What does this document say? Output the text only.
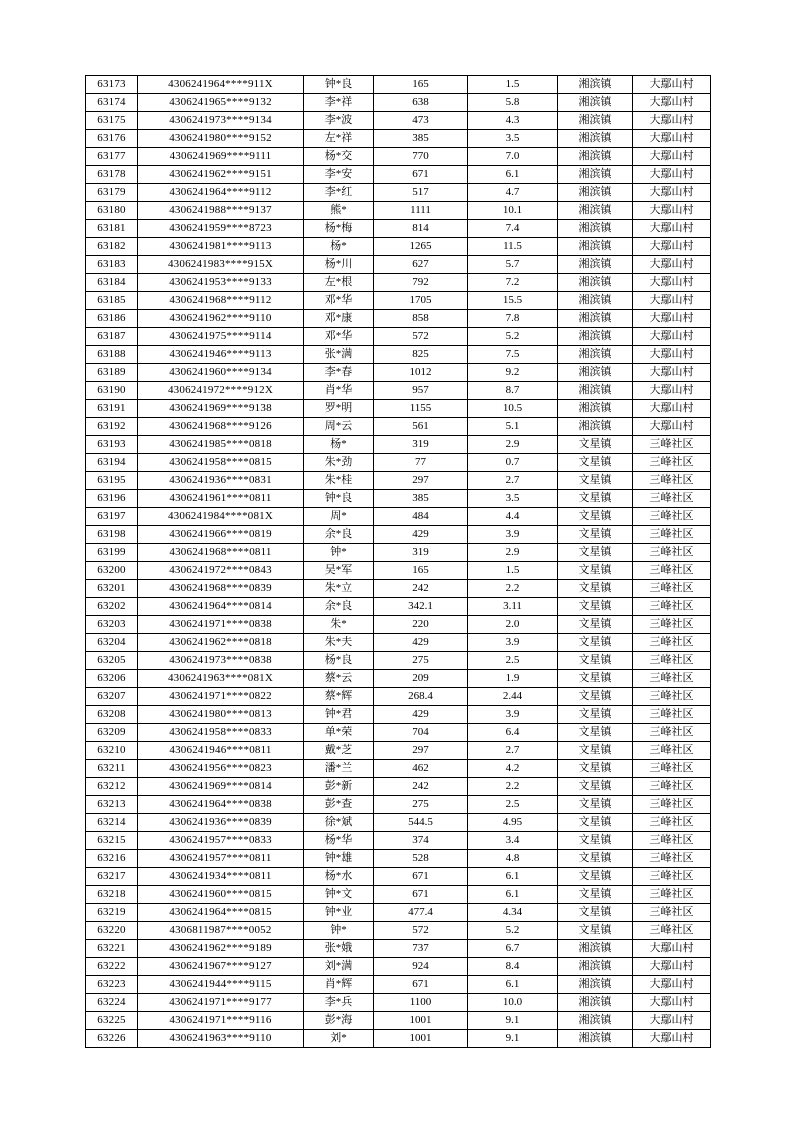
63173	4306241964****911X	钟*良	165	1.5	湘滨镇	大鄢山村
63174	4306241965****9132	李*祥	638	5.8	湘滨镇	大鄢山村
63175	4306241973****9134	李*波	473	4.3	湘滨镇	大鄢山村
63176	4306241980****9152	左*祥	385	3.5	湘滨镇	大鄢山村
63177	4306241969****9111	杨*交	770	7.0	湘滨镇	大鄢山村
63178	4306241962****9151	李*安	671	6.1	湘滨镇	大鄢山村
63179	4306241964****9112	李*红	517	4.7	湘滨镇	大鄢山村
63180	4306241988****9137	熊*	1111	10.1	湘滨镇	大鄢山村
63181	4306241959****8723	杨*梅	814	7.4	湘滨镇	大鄢山村
63182	4306241981****9113	杨*	1265	11.5	湘滨镇	大鄢山村
63183	4306241983****915X	杨*川	627	5.7	湘滨镇	大鄢山村
63184	4306241953****9133	左*根	792	7.2	湘滨镇	大鄢山村
63185	4306241968****9112	邓*华	1705	15.5	湘滨镇	大鄢山村
63186	4306241962****9110	邓*康	858	7.8	湘滨镇	大鄢山村
63187	4306241975****9114	邓*华	572	5.2	湘滨镇	大鄢山村
63188	4306241946****9113	张*满	825	7.5	湘滨镇	大鄢山村
63189	4306241960****9134	李*春	1012	9.2	湘滨镇	大鄢山村
63190	4306241972****912X	肖*华	957	8.7	湘滨镇	大鄢山村
63191	4306241969****9138	罗*明	1155	10.5	湘滨镇	大鄢山村
63192	4306241968****9126	周*云	561	5.1	湘滨镇	大鄢山村
63193	4306241985****0818	杨*	319	2.9	文星镇	三峰社区
63194	4306241958****0815	朱*劲	77	0.7	文星镇	三峰社区
63195	4306241936****0831	朱*桂	297	2.7	文星镇	三峰社区
63196	4306241961****0811	钟*良	385	3.5	文星镇	三峰社区
63197	4306241984****081X	周*	484	4.4	文星镇	三峰社区
63198	4306241966****0819	余*良	429	3.9	文星镇	三峰社区
63199	4306241968****0811	钟*	319	2.9	文星镇	三峰社区
63200	4306241972****0843	吴*军	165	1.5	文星镇	三峰社区
63201	4306241968****0839	朱*立	242	2.2	文星镇	三峰社区
63202	4306241964****0814	余*良	342.1	3.11	文星镇	三峰社区
63203	4306241971****0838	朱*	220	2.0	文星镇	三峰社区
63204	4306241962****0818	朱*夫	429	3.9	文星镇	三峰社区
63205	4306241973****0838	杨*良	275	2.5	文星镇	三峰社区
63206	4306241963****081X	蔡*云	209	1.9	文星镇	三峰社区
63207	4306241971****0822	蔡*辉	268.4	2.44	文星镇	三峰社区
63208	4306241980****0813	钟*君	429	3.9	文星镇	三峰社区
63209	4306241958****0833	单*荣	704	6.4	文星镇	三峰社区
63210	4306241946****0811	戴*芝	297	2.7	文星镇	三峰社区
63211	4306241956****0823	潘*兰	462	4.2	文星镇	三峰社区
63212	4306241969****0814	彭*新	242	2.2	文星镇	三峰社区
63213	4306241964****0838	彭*查	275	2.5	文星镇	三峰社区
63214	4306241936****0839	徐*斌	544.5	4.95	文星镇	三峰社区
63215	4306241957****0833	杨*华	374	3.4	文星镇	三峰社区
63216	4306241957****0811	钟*雄	528	4.8	文星镇	三峰社区
63217	4306241934****0811	杨*水	671	6.1	文星镇	三峰社区
63218	4306241960****0815	钟*文	671	6.1	文星镇	三峰社区
63219	4306241964****0815	钟*业	477.4	4.34	文星镇	三峰社区
63220	4306811987****0052	钟*	572	5.2	文星镇	三峰社区
63221	4306241962****9189	张*娥	737	6.7	湘滨镇	大鄢山村
63222	4306241967****9127	刘*满	924	8.4	湘滨镇	大鄢山村
63223	4306241944****9115	肖*辉	671	6.1	湘滨镇	大鄢山村
63224	4306241971****9177	李*兵	1100	10.0	湘滨镇	大鄢山村
63225	4306241971****9116	彭*海	1001	9.1	湘滨镇	大鄢山村
63226	4306241963****9110	刘*	1001	9.1	湘滨镇	大鄢山村
